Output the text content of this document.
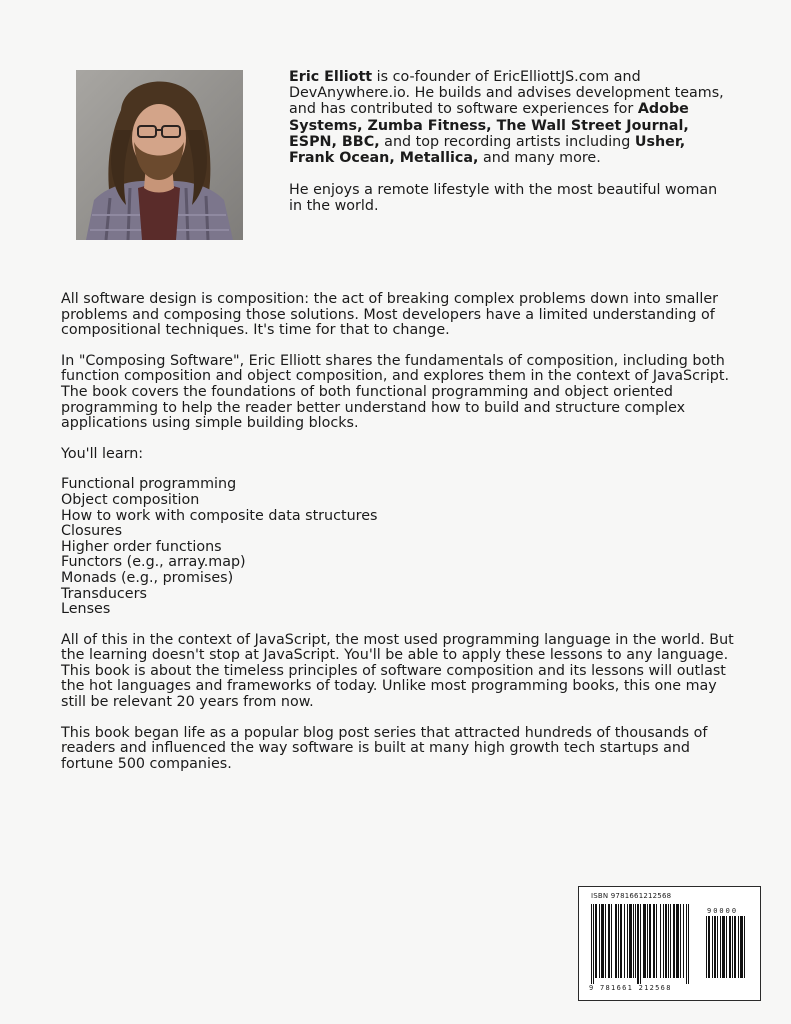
Eric Elliott is co-founder of EricElliottJS.com and DevAnywhere.io. He builds and advises development teams, and has contributed to software experiences for Adobe Systems, Zumba Fitness, The Wall Street Journal, ESPN, BBC, and top recording artists including Usher, Frank Ocean, Metallica, and many more.

He enjoys a remote lifestyle with the most beautiful woman in the world.

All software design is composition: the act of breaking complex problems down into smaller problems and composing those solutions. Most developers have a limited understanding of compositional techniques. It's time for that to change.

In "Composing Software", Eric Elliott shares the fundamentals of composition, including both function composition and object composition, and explores them in the context of JavaScript. The book covers the foundations of both functional programming and object oriented programming to help the reader better understand how to build and structure complex applications using simple building blocks.

You'll learn:

Functional programming
Object composition
How to work with composite data structures
Closures
Higher order functions
Functors (e.g., array.map)
Monads (e.g., promises)
Transducers
Lenses

All of this in the context of JavaScript, the most used programming language in the world. But the learning doesn't stop at JavaScript. You'll be able to apply these lessons to any language. This book is about the timeless principles of software composition and its lessons will outlast the hot languages and frameworks of today. Unlike most programming books, this one may still be relevant 20 years from now.

This book began life as a popular blog post series that attracted hundreds of thousands of readers and influenced the way software is built at many high growth tech startups and fortune 500 companies.

ISBN 9781661212568
90000
9 781661 212568
